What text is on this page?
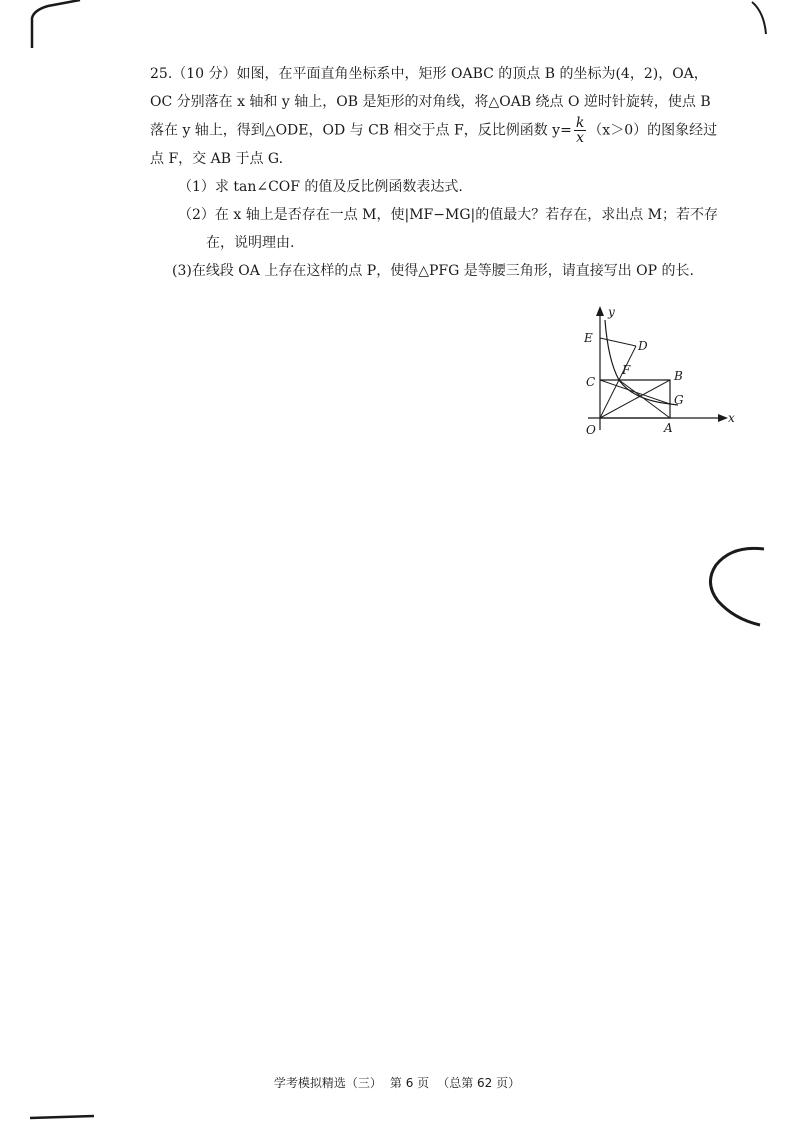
25.（10 分）如图，在平面直角坐标系中，矩形 OABC 的顶点 B 的坐标为(4，2)，OA，

OC 分别落在 x 轴和 y 轴上，OB 是矩形的对角线，将△OAB 绕点 O 逆时针旋转，使点 B

落在 y 轴上，得到△ODE，OD 与 CB 相交于点 F，反比例函数 $y= \frac{k}{x} (x>0)$的图象经过

点 F，交 AB 于点 G.

（1）求 tan∠COF 的值及反比例函数表达式.

（2）在 x 轴上是否存在一点 M，使|MF−MG|的值最大？若存在，求出点 M；若不存

在，说明理由.

(3)在线段 OA 上存在这样的点 P，使得△PFG 是等腰三角形，请直接写出 OP 的长.

E
D
C
F	B
G
O	A
x
y
学考模拟精选（三） 第 6 页 （总第 62 页）
